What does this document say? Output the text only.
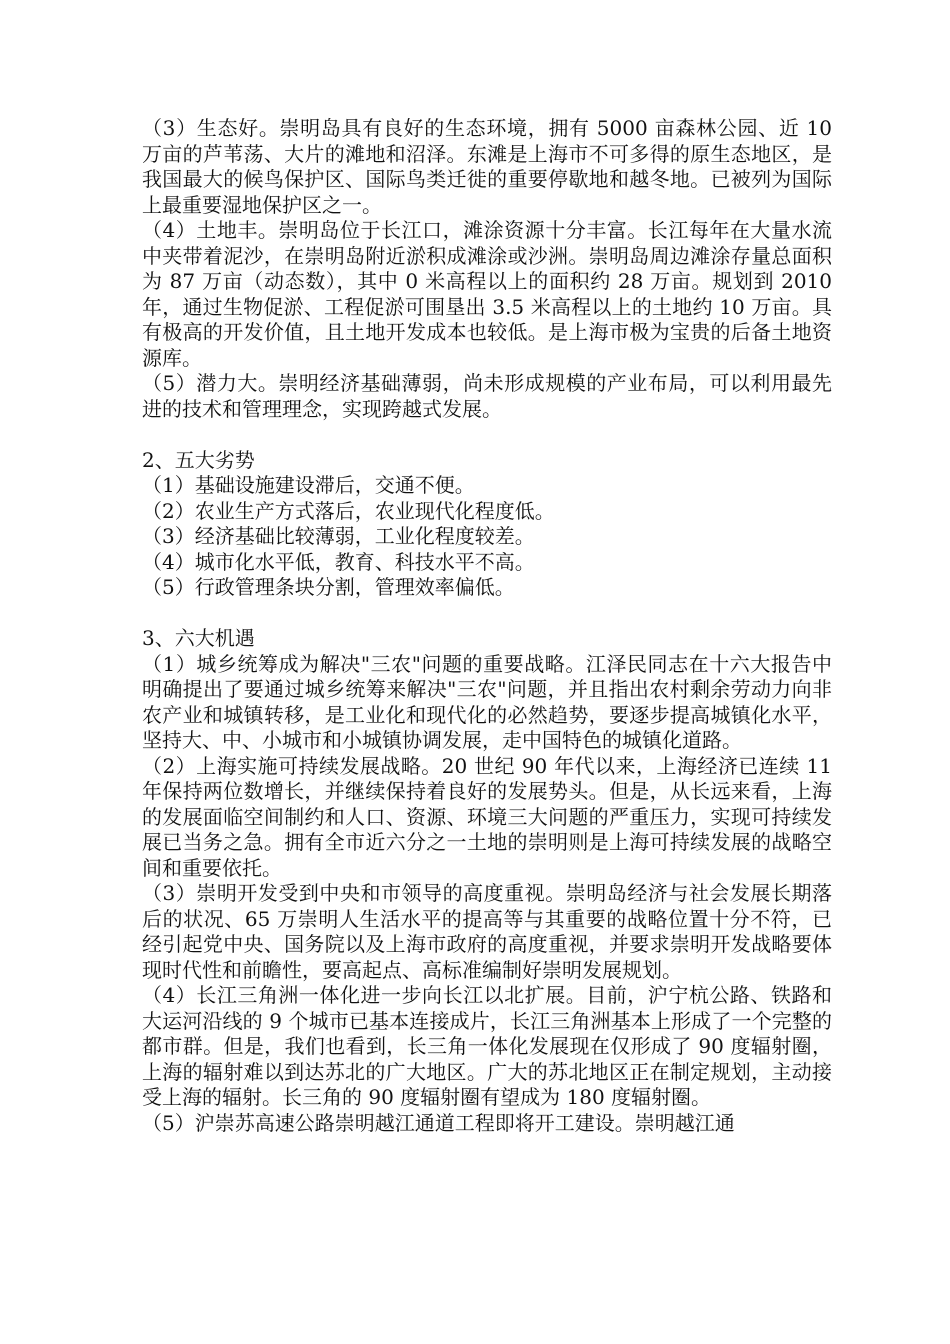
（3）生态好。崇明岛具有良好的生态环境，拥有 5000 亩森林公园、近 10 万亩的芦苇荡、大片的滩地和沼泽。东滩是上海市不可多得的原生态地区，是我国最大的候鸟保护区、国际鸟类迁徙的重要停歇地和越冬地。已被列为国际上最重要湿地保护区之一。

（4）土地丰。崇明岛位于长江口，滩涂资源十分丰富。长江每年在大量水流中夹带着泥沙，在崇明岛附近淤积成滩涂或沙洲。崇明岛周边滩涂存量总面积为 87 万亩（动态数），其中 0 米高程以上的面积约 28 万亩。规划到 2010 年，通过生物促淤、工程促淤可围垦出 3.5 米高程以上的土地约 10 万亩。具有极高的开发价值，且土地开发成本也较低。是上海市极为宝贵的后备土地资源库。

（5）潜力大。崇明经济基础薄弱，尚未形成规模的产业布局，可以利用最先进的技术和管理理念，实现跨越式发展。

2、五大劣势

（1）基础设施建设滞后，交通不便。
（2）农业生产方式落后，农业现代化程度低。
（3）经济基础比较薄弱，工业化程度较差。
（4）城市化水平低，教育、科技水平不高。
（5）行政管理条块分割，管理效率偏低。

3、六大机遇

（1）城乡统筹成为解决"三农"问题的重要战略。江泽民同志在十六大报告中明确提出了要通过城乡统筹来解决"三农"问题，并且指出农村剩余劳动力向非农产业和城镇转移，是工业化和现代化的必然趋势，要逐步提高城镇化水平，坚持大、中、小城市和小城镇协调发展，走中国特色的城镇化道路。

（2）上海实施可持续发展战略。20 世纪 90 年代以来，上海经济已连续 11 年保持两位数增长，并继续保持着良好的发展势头。但是，从长远来看，上海的发展面临空间制约和人口、资源、环境三大问题的严重压力，实现可持续发展已当务之急。拥有全市近六分之一土地的崇明则是上海可持续发展的战略空间和重要依托。

（3）崇明开发受到中央和市领导的高度重视。崇明岛经济与社会发展长期落后的状况、65 万崇明人生活水平的提高等与其重要的战略位置十分不符，已经引起党中央、国务院以及上海市政府的高度重视，并要求崇明开发战略要体现时代性和前瞻性，要高起点、高标准编制好崇明发展规划。

（4）长江三角洲一体化进一步向长江以北扩展。目前，沪宁杭公路、铁路和大运河沿线的 9 个城市已基本连接成片，长江三角洲基本上形成了一个完整的都市群。但是，我们也看到，长三角一体化发展现在仅形成了 90 度辐射圈，上海的辐射难以到达苏北的广大地区。广大的苏北地区正在制定规划，主动接受上海的辐射。长三角的 90 度辐射圈有望成为 180 度辐射圈。

（5）沪崇苏高速公路崇明越江通道工程即将开工建设。崇明越江通
